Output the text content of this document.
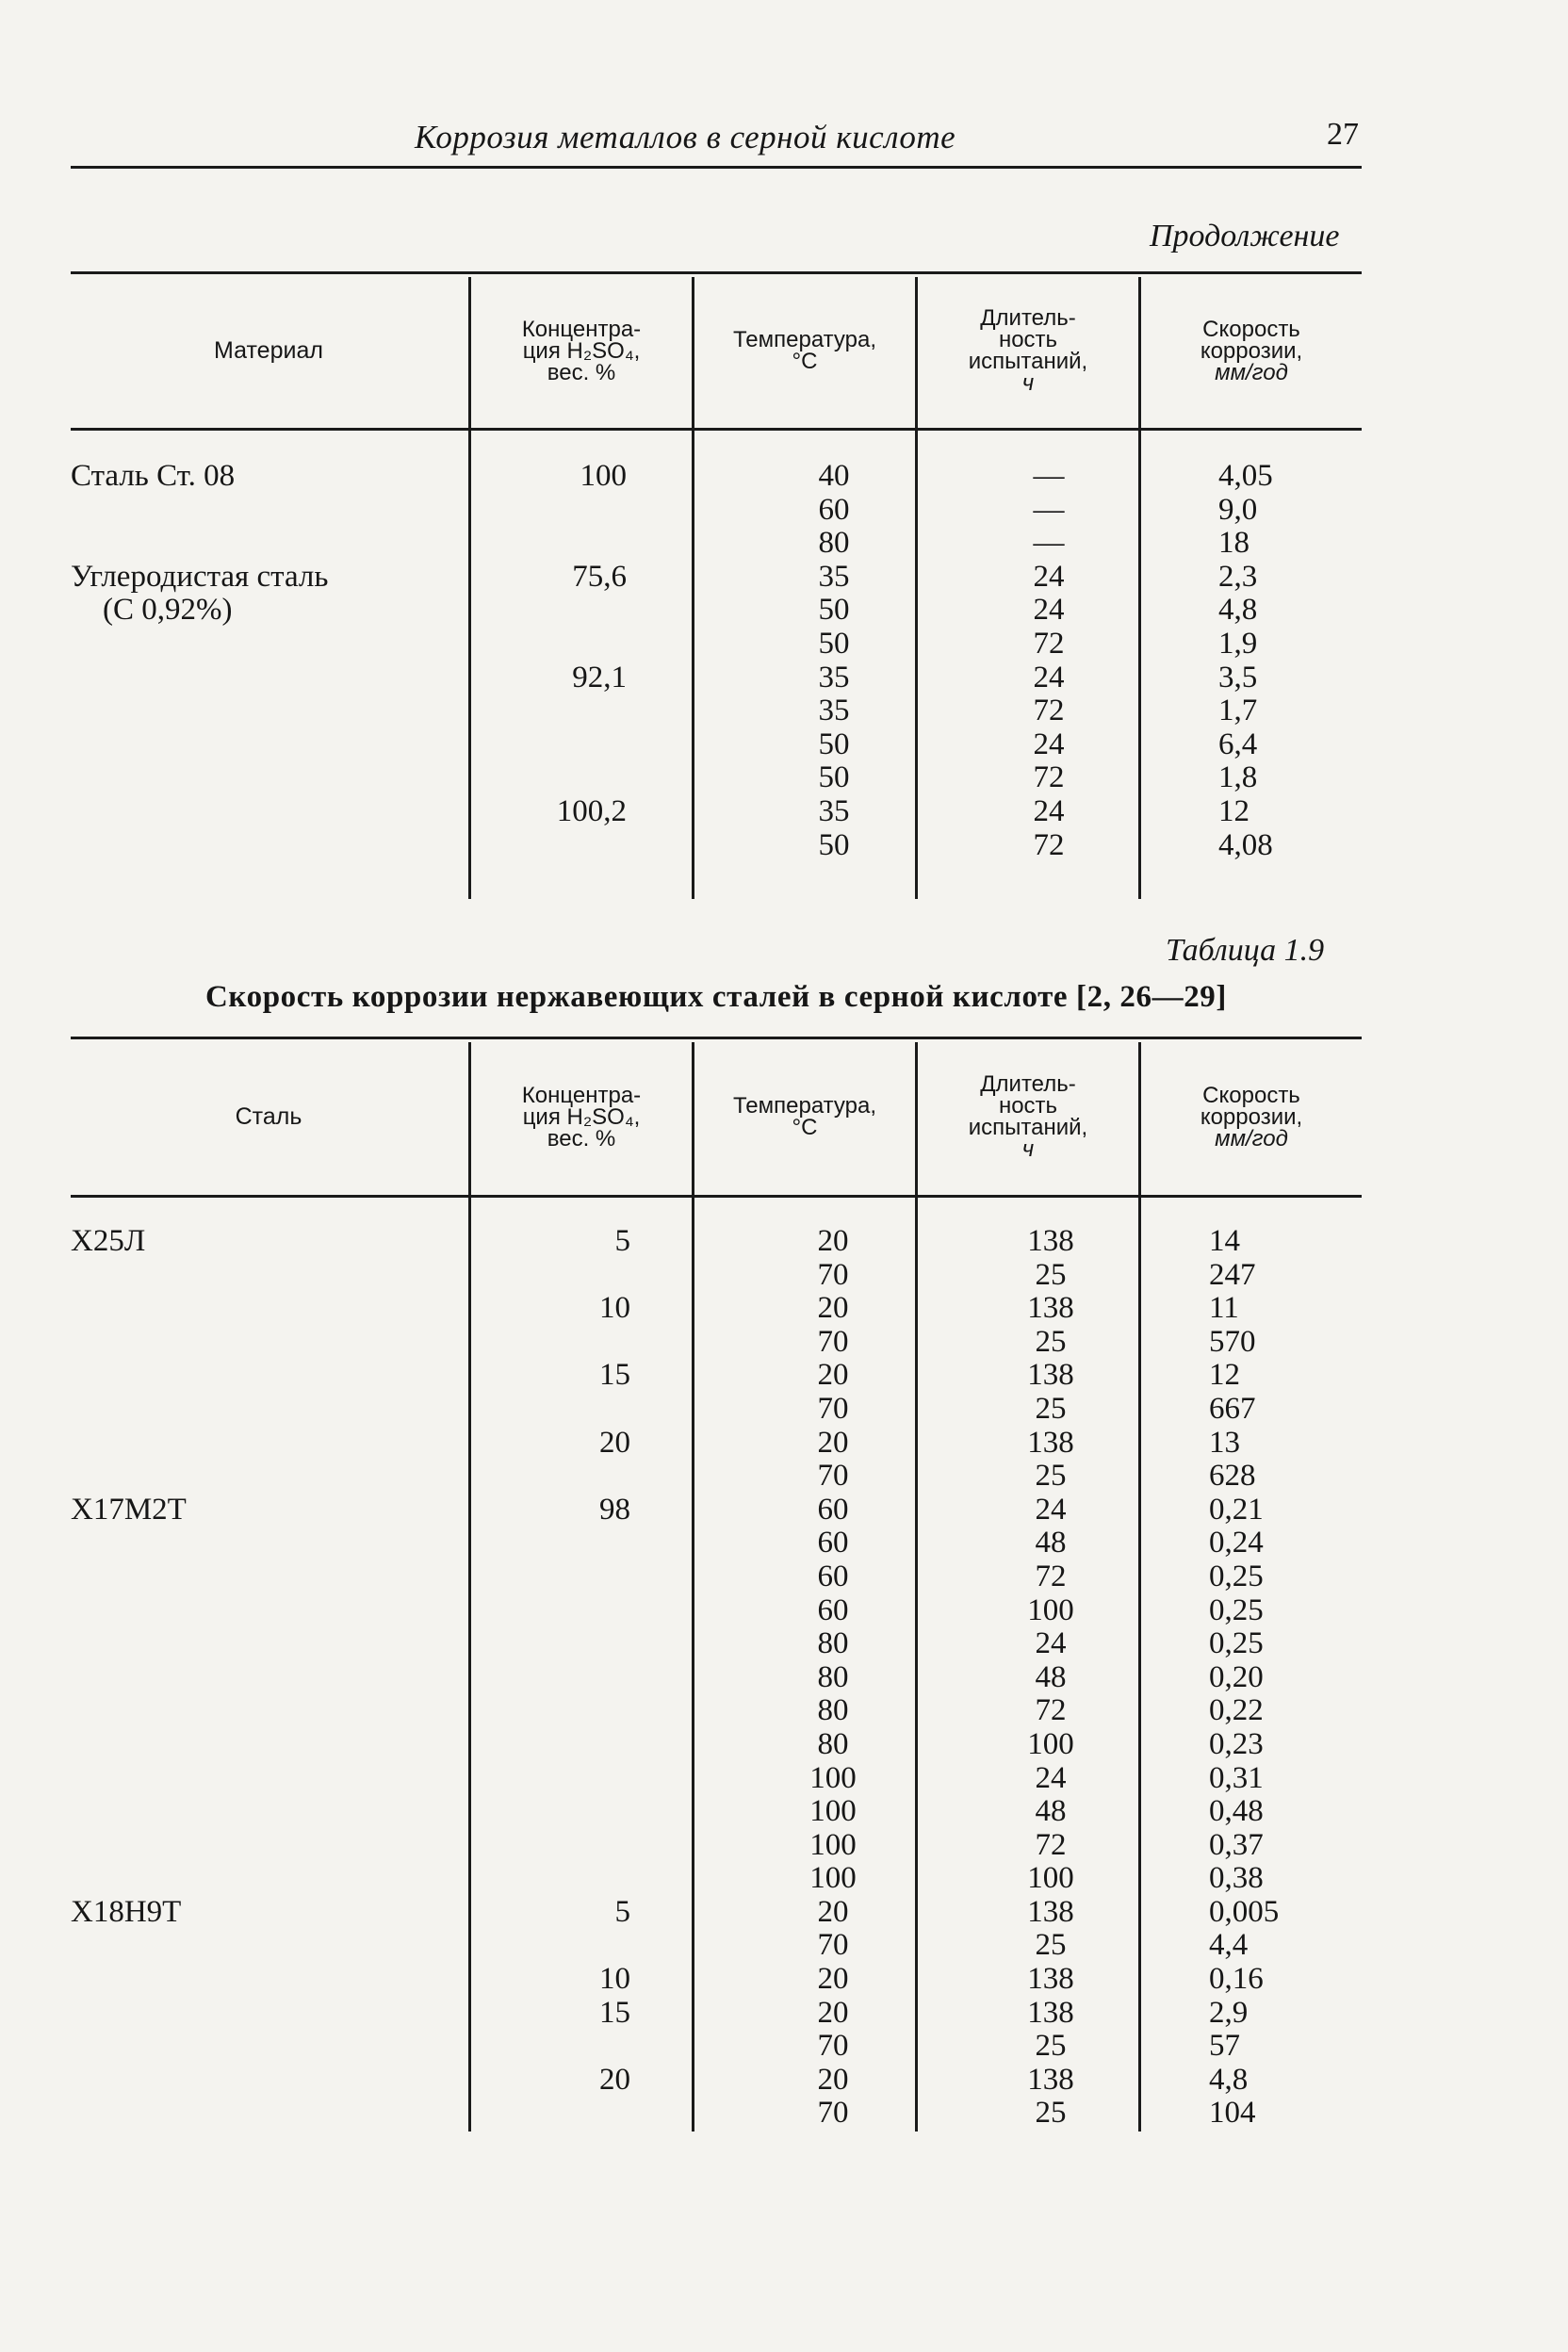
Коррозия металлов в серной кислоте	27
Продолжение
Материал
Концентра-
ция H₂SO₄,
вес. %
Температура,
°C
Длитель-
ность
испытаний,
ч
Скорость
коррозии,
мм/год
Сталь Ст. 08
Углеродистая сталь
(С 0,92%)
100
75,6
92,1
100,2
40
60
80
35
50
50
35
35
50
50
35
50
—
—
—
24
24
72
24
72
24
72
24
72
4,05
9,0
18
2,3
4,8
1,9
3,5
1,7
6,4
1,8
12
4,08
Таблица 1.9
Скорость коррозии нержавеющих сталей в серной кислоте [2, 26—29]
Сталь
Концентра-
ция H₂SO₄,
вес. %
Температура,
°C
Длитель-
ность
испытаний,
ч
Скорость
коррозии,
мм/год
Х25Л
Х17М2Т
Х18Н9Т
5
10
15
20
98
5
10
15
20
20
70
20
70
20
70
20
70
60
60
60
60
80
80
80
80
100
100
100
100
20
70
20
20
70
20
70
138
25
138
25
138
25
138
25
24
48
72
100
24
48
72
100
24
48
72
100
138
25
138
138
25
138
25
14
247
11
570
12
667
13
628
0,21
0,24
0,25
0,25
0,25
0,20
0,22
0,23
0,31
0,48
0,37
0,38
0,005
4,4
0,16
2,9
57
4,8
104
